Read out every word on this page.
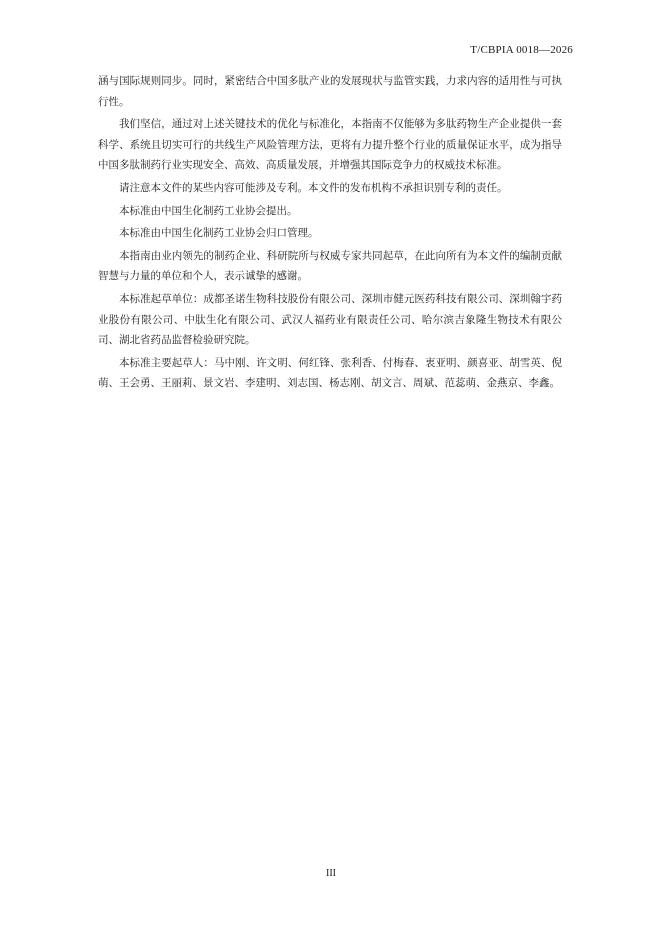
T/CBPIA 0018—2026

涵与国际规则同步。同时，紧密结合中国多肽产业的发展现状与监管实践，力求内容的适用性与可执行性。

我们坚信，通过对上述关键技术的优化与标准化，本指南不仅能够为多肽药物生产企业提供一套科学、系统且切实可行的共线生产风险管理方法，更将有力提升整个行业的质量保证水平，成为指导中国多肽制药行业实现安全、高效、高质量发展，并增强其国际竞争力的权威技术标准。

请注意本文件的某些内容可能涉及专利。本文件的发布机构不承担识别专利的责任。

本标准由中国生化制药工业协会提出。

本标准由中国生化制药工业协会归口管理。

本指南由业内领先的制药企业、科研院所与权威专家共同起草，在此向所有为本文件的编制贡献智慧与力量的单位和个人，表示诚挚的感谢。

本标准起草单位：成都圣诺生物科技股份有限公司、深圳市健元医药科技有限公司、深圳翰宇药业股份有限公司、中肽生化有限公司、武汉人福药业有限责任公司、哈尔滨吉象隆生物技术有限公司、湖北省药品监督检验研究院。

本标准主要起草人：马中刚、许文明、何红锋、张利香、付梅春、衷亚明、颜喜亚、胡雪英、倪萌、王会勇、王丽莉、景文岩、李建明、刘志国、杨志刚、胡文言、周斌、范蕊萌、金燕京、李鑫。

III
